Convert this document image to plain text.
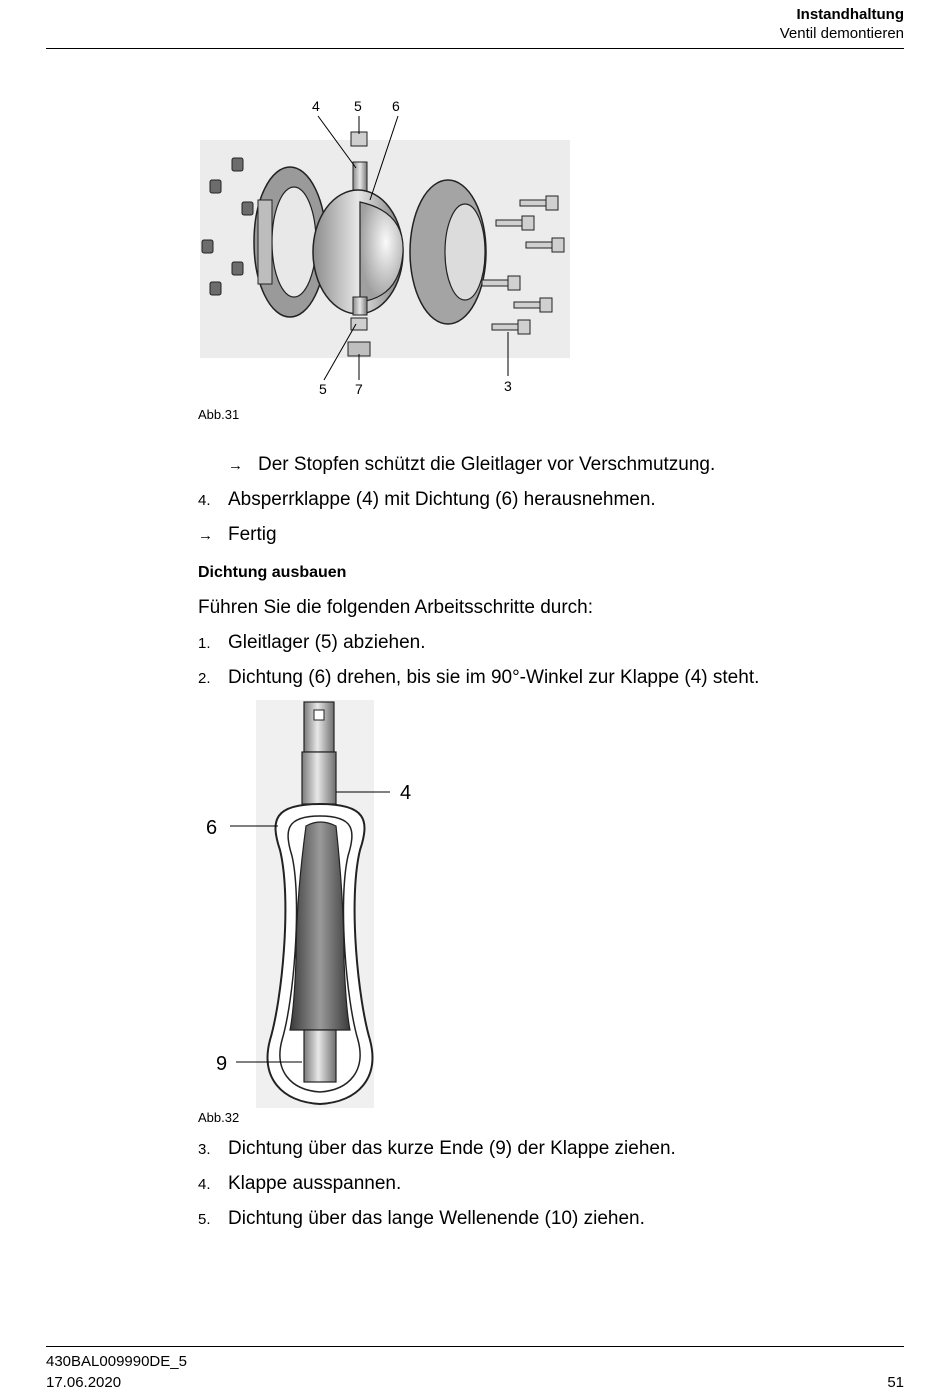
Instandhaltung
Ventil demontieren
4 5 6
5 7	3
Abb.31
→ Der Stopfen schützt die Gleitlager vor Verschmutzung.
4. Absperrklappe (4) mit Dichtung (6) herausnehmen.
→ Fertig
Dichtung ausbauen
Führen Sie die folgenden Arbeitsschritte durch:
1. Gleitlager (5) abziehen.
2. Dichtung (6) drehen, bis sie im 90°-Winkel zur Klappe (4) steht.
4
6
9
Abb.32
3. Dichtung über das kurze Ende (9) der Klappe ziehen.
4. Klappe ausspannen.
5. Dichtung über das lange Wellenende (10) ziehen.
430BAL009990DE_5
17.06.2020	51
